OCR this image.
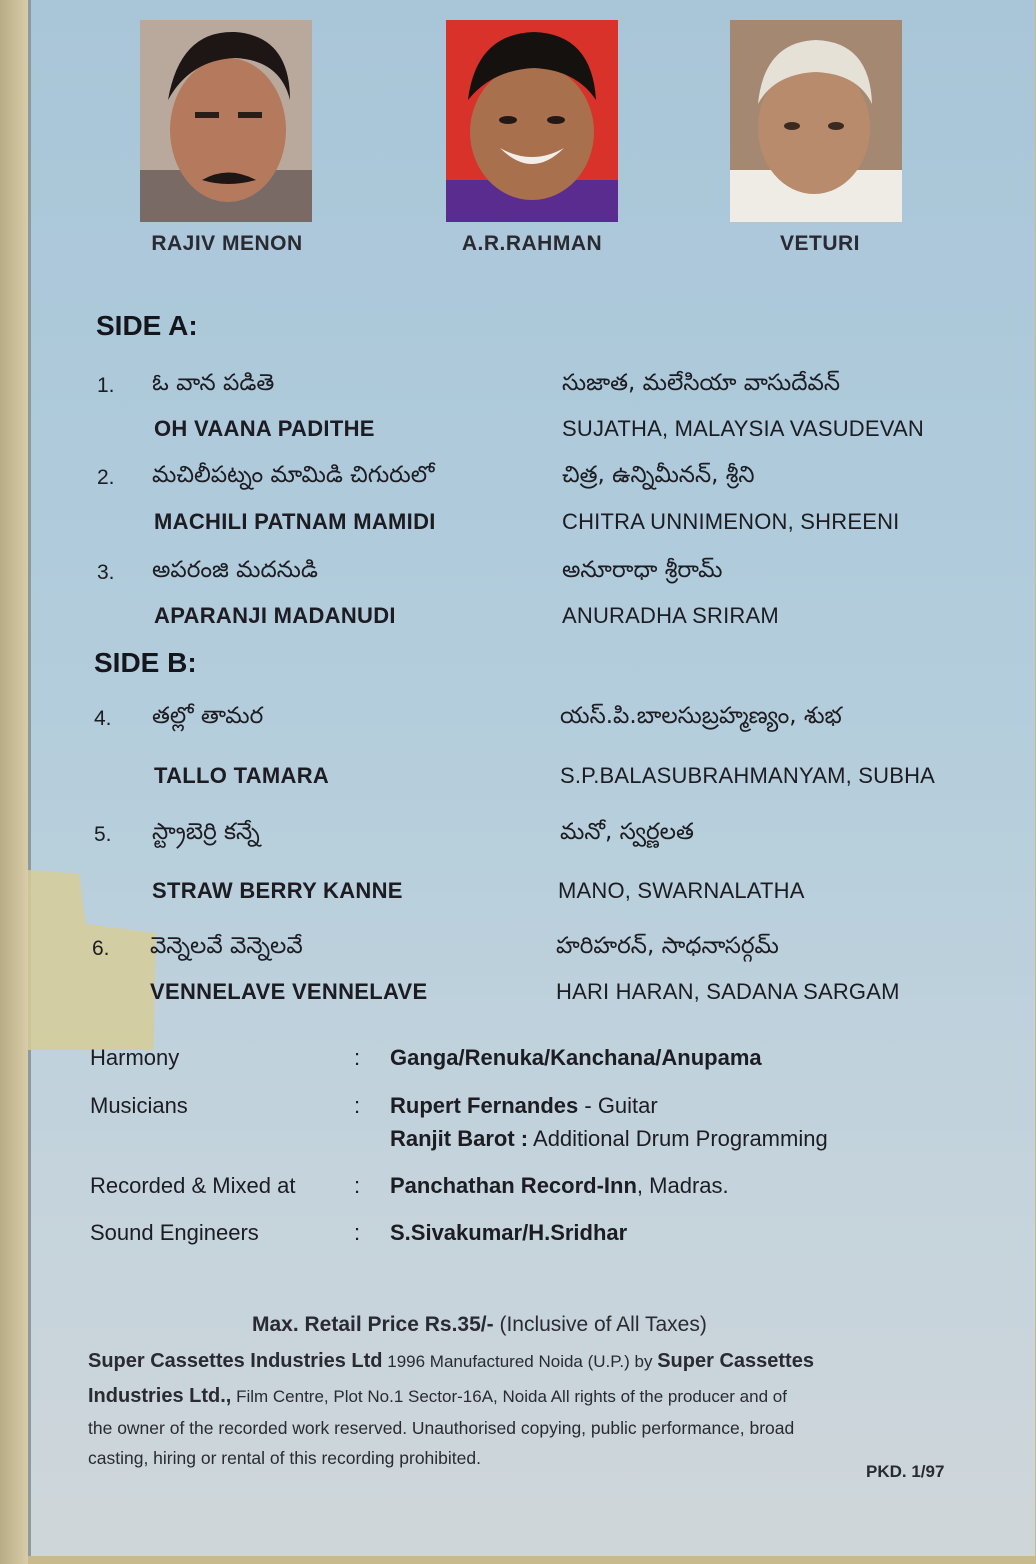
RAJIV MENON	A.R.RAHMAN	VETURI
SIDE A:
1. ఓ వాన పడితె	సుజాత, మలేసియా వాసుదేవన్
OH VAANA PADITHE	SUJATHA, MALAYSIA VASUDEVAN
2. మచిలీపట్నం మామిడి చిగురులో	చిత్ర, ఉన్నిమీనన్, శ్రీని
MACHILI PATNAM MAMIDI	CHITRA UNNIMENON, SHREENI
3. అపరంజి మదనుడి	అనూరాధా శ్రీరామ్
APARANJI MADANUDI	ANURADHA SRIRAM
SIDE B:
4. తల్లో తామర	యస్.పి.బాలసుబ్రహ్మణ్యం, శుభ
TALLO TAMARA	S.P.BALASUBRAHMANYAM, SUBHA
5. స్ట్రాబెర్రి కన్నే	మనో, స్వర్ణలత
STRAW BERRY KANNE	MANO, SWARNALATHA
6. వెన్నెలవే వెన్నెలవే	హరిహరన్, సాధనాసర్గమ్
VENNELAVE VENNELAVE	HARI HARAN, SADANA SARGAM
Harmony	: Ganga/Renuka/Kanchana/Anupama
Musicians	: Rupert Fernandes - Guitar
Ranjit Barot : Additional Drum Programming
Recorded & Mixed at	: Panchathan Record-Inn, Madras.
Sound Engineers	: S.Sivakumar/H.Sridhar
Max. Retail Price Rs.35/- (Inclusive of All Taxes)
Super Cassettes Industries Ltd 1996 Manufactured Noida (U.P.) by Super Cassettes
Industries Ltd., Film Centre, Plot No.1 Sector-16A, Noida All rights of the producer and of
the owner of the recorded work reserved. Unauthorised copying, public performance, broad
casting, hiring or rental of this recording prohibited.
PKD. 1/97
